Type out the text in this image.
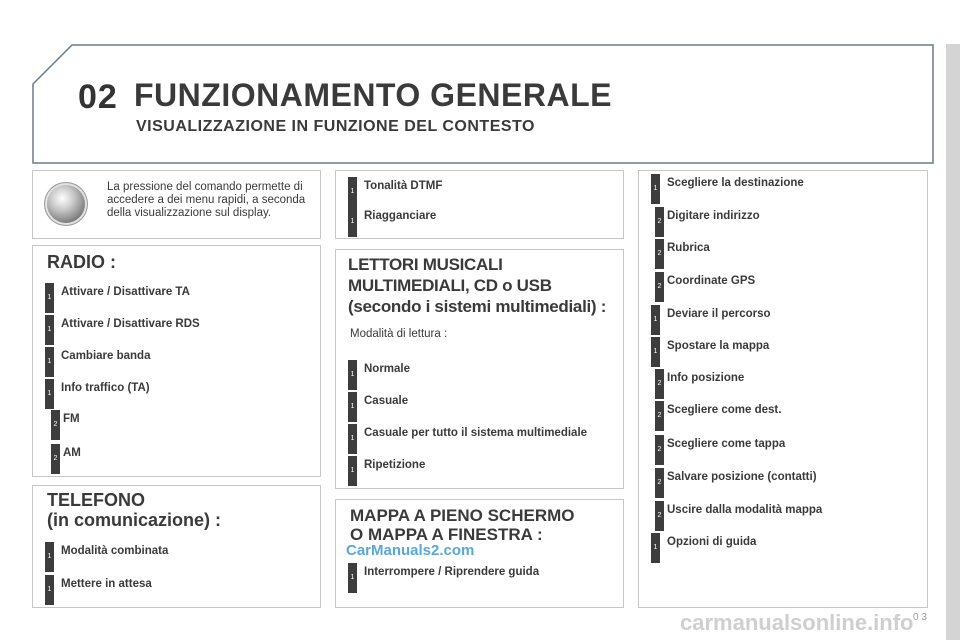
02 FUNZIONAMENTO GENERALE
VISUALIZZAZIONE IN FUNZIONE DEL CONTESTO
La pressione del comando permette di accedere a dei menu rapidi, a seconda della visualizzazione sul display.
RADIO :
1 Attivare / Disattivare TA
1 Attivare / Disattivare RDS
1 Cambiare banda
1 Info traffico (TA)
2 FM
2 AM
TELEFONO
(in comunicazione) :
1 Modalità combinata
1 Mettere in attesa
1 Tonalità DTMF
1 Riagganciare
LETTORI MUSICALI
MULTIMEDIALI, CD o USB
(secondo i sistemi multimediali) :
Modalità di lettura :
1 Normale
1 Casuale
1 Casuale per tutto il sistema multimediale
1 Ripetizione
MAPPA A PIENO SCHERMO
O MAPPA A FINESTRA :
1 Interrompere / Riprendere guida
1 Scegliere la destinazione
2 Digitare indirizzo
2 Rubrica
2 Coordinate GPS
1 Deviare il percorso
1 Spostare la mappa
2 Info posizione
2 Scegliere come dest.
2 Scegliere come tappa
2 Salvare posizione (contatti)
2 Uscire dalla modalità mappa
1 Opzioni di guida
CarManuals2.com
carmanualsonline.info 0 3
